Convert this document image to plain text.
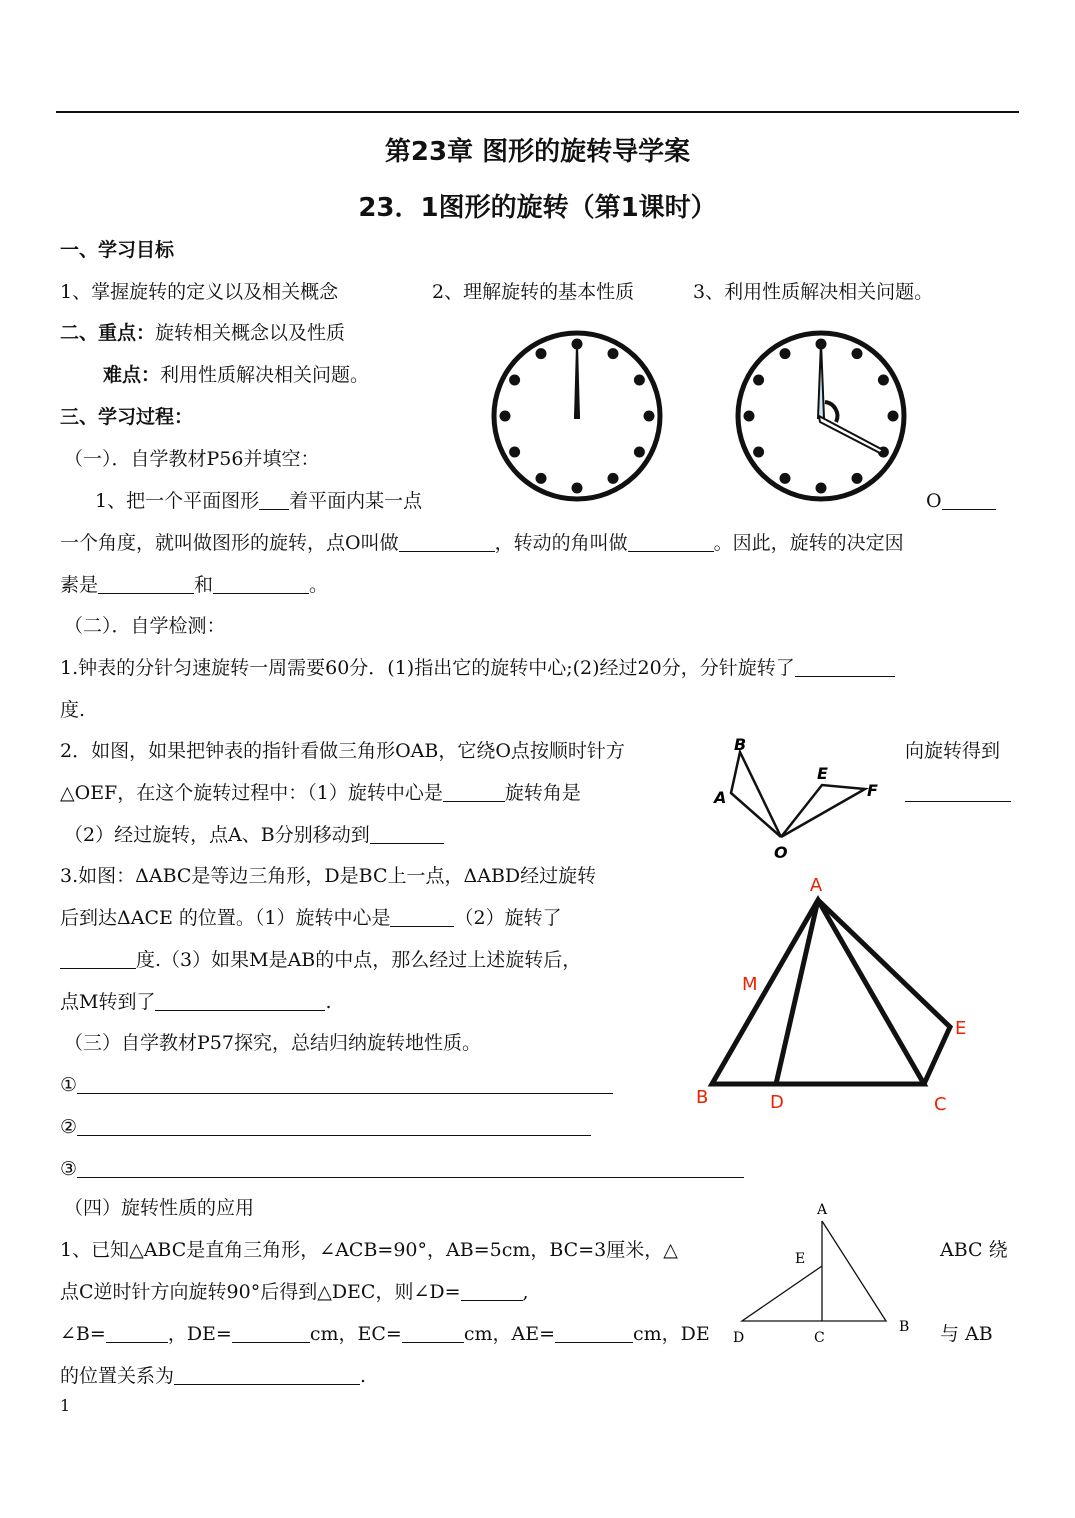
第23章 图形的旋转导学案
23．1图形的旋转（第1课时）
一、学习目标
1、掌握旋转的定义以及相关概念	2、理解旋转的基本性质	3、利用性质解决相关问题。
二、重点：旋转相关概念以及性质
难点：利用性质解决相关问题。
三、学习过程：
（一）．自学教材P56并填空：
1、把一个平面图形 着平面内某一点	O
一个角度，就叫做图形的旋转，点O叫做	，转动的角叫做	。因此，旋转的决定因
素是	和	。
（二）．自学检测：
1.钟表的分针匀速旋转一周需要60分．(1)指出它的旋转中心;(2)经过20分，分针旋转了
度.
2．如图，如果把钟表的指针看做三角形OAB，它绕O点按顺时针方	向旋转得到
△OEF，在这个旋转过程中：（1）旋转中心是	旋转角是
（2）经过旋转，点A、B分别移动到
3.如图：ΔABC是等边三角形，D是BC上一点，ΔABD经过旋转
后到达ΔACE 的位置。（1）旋转中心是	（2）旋转了
度.（3）如果M是AB的中点，那么经过上述旋转后，
点M转到了	.
（三）自学教材P57探究，总结归纳旋转地性质。
①
②
③
（四）旋转性质的应用
1、已知△ABC是直角三角形，∠ACB=90°，AB=5cm，BC=3厘米，△	ABC 绕
点C逆时针方向旋转90°后得到△DEC，则∠D=	,
∠B=	，DE=	cm，EC=	cm，AE=	cm，DE	与 AB
的位置关系为	.
1
B
A
E
F
O
A
M
E
B	D	C
A
E
D	C
B
